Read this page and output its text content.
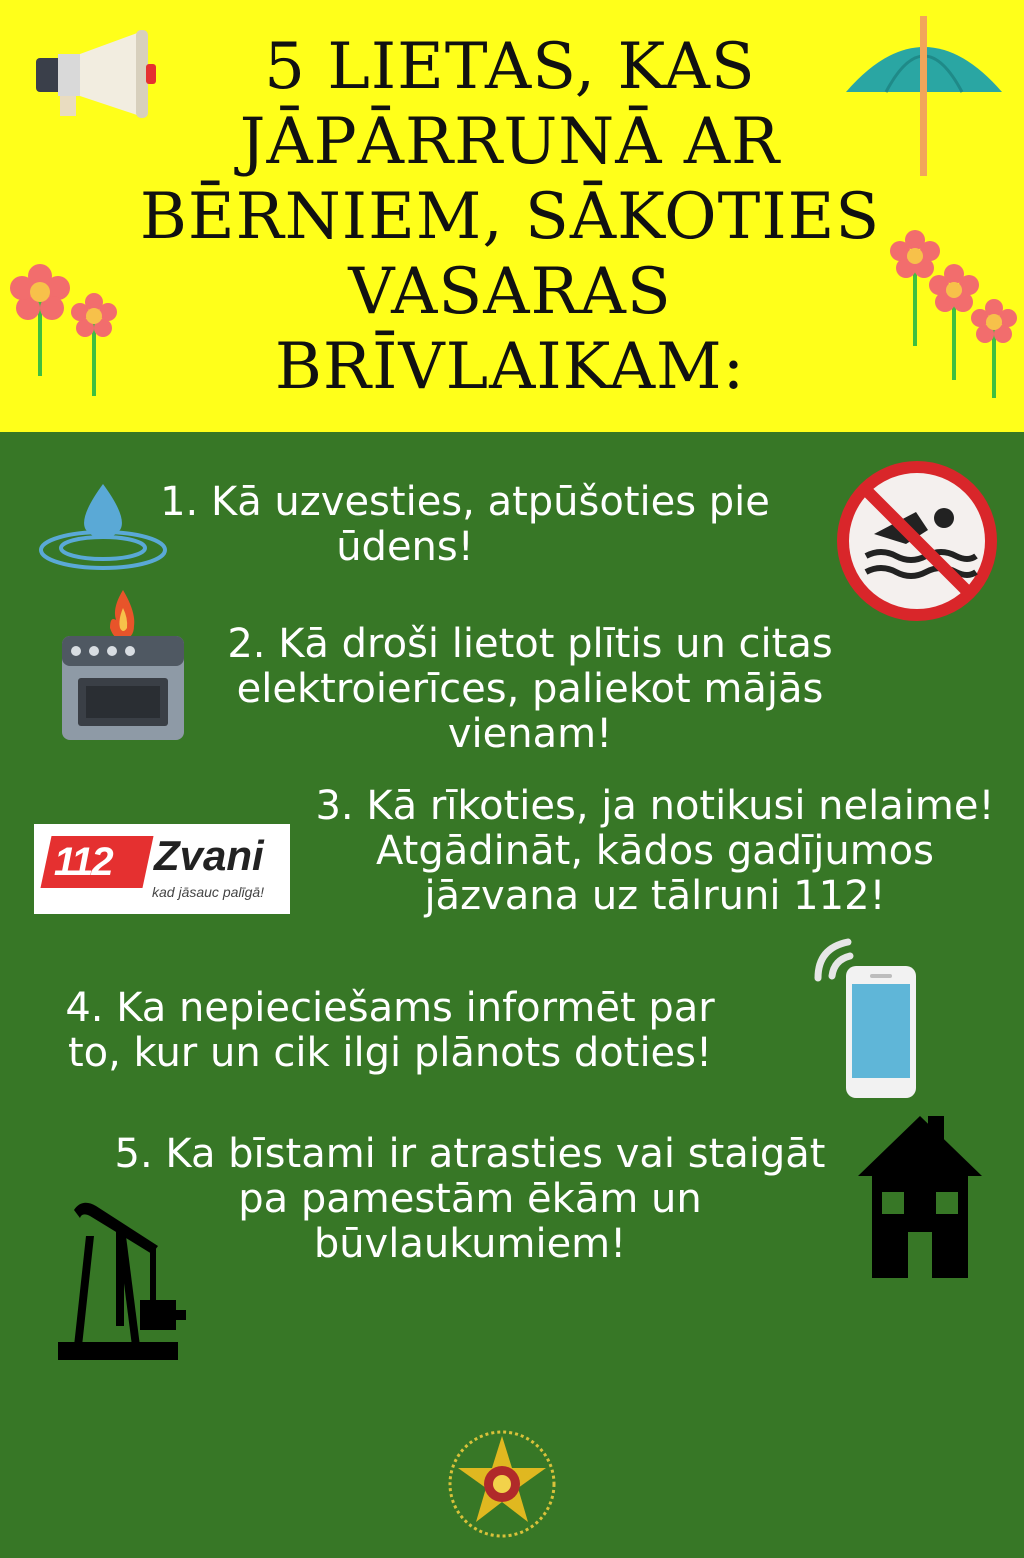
5 LIETAS, KAS
JĀPĀRRUNĀ AR
BĒRNIEM, SĀKOTIES
VASARAS
BRĪVLAIKAM:

1. Kā uzvesties, atpūšoties pie
ūdens!

2. Kā droši lietot plītis un citas
elektroierīces, paliekot mājās
vienam!

112 Zvani
kad jāsauc palīgā!

3. Kā rīkoties, ja notikusi nelaime!
Atgādināt, kādos gadījumos
jāzvana uz tālruni 112!

4. Ka nepieciešams informēt par
to, kur un cik ilgi plānots doties!

5. Ka bīstami ir atrasties vai staigāt
pa pamestām ēkām un
būvlaukumiem!
